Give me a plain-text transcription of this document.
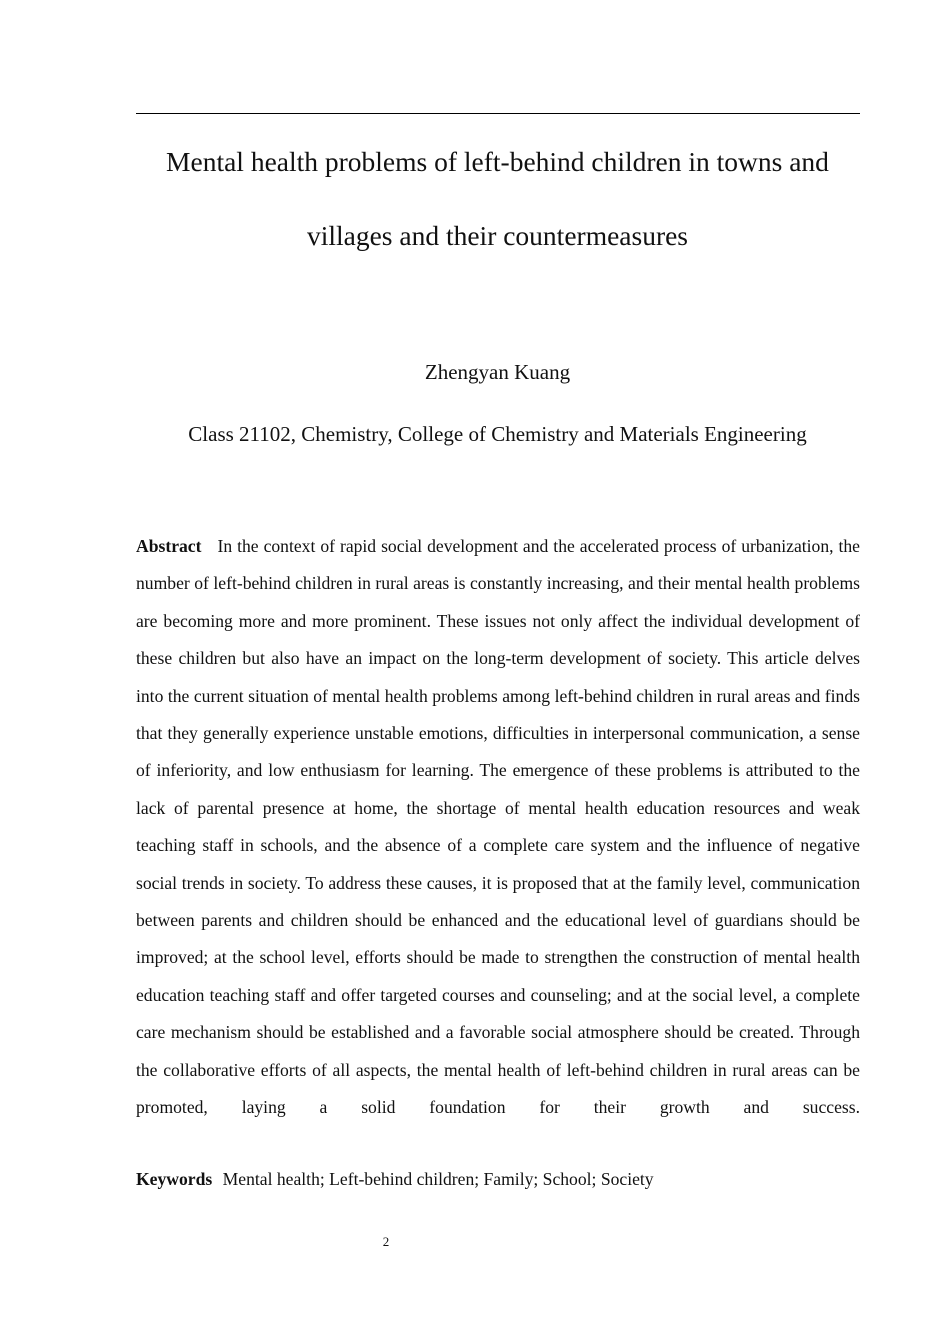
Mental health problems of left-behind children in towns and
villages and their countermeasures
Zhengyan Kuang
Class 21102, Chemistry, College of Chemistry and Materials Engineering

Abstract In the context of rapid social development and the accelerated process of urbanization, the number of left-behind children in rural areas is constantly increasing, and their mental health problems are becoming more and more prominent. These issues not only affect the individual development of these children but also have an impact on the long-term development of society. This article delves into the current situation of mental health problems among left-behind children in rural areas and finds that they generally experience unstable emotions, difficulties in interpersonal communication, a sense of inferiority, and low enthusiasm for learning. The emergence of these problems is attributed to the lack of parental presence at home, the shortage of mental health education resources and weak teaching staff in schools, and the absence of a complete care system and the influence of negative social trends in society. To address these causes, it is proposed that at the family level, communication between parents and children should be enhanced and the educational level of guardians should be improved; at the school level, efforts should be made to strengthen the construction of mental health education teaching staff and offer targeted courses and counseling; and at the social level, a complete care mechanism should be established and a favorable social atmosphere should be created. Through the collaborative efforts of all aspects, the mental health of left-behind children in rural areas can be promoted, laying a solid foundation for their growth and success.

Keywords Mental health; Left-behind children; Family; School; Society
2
